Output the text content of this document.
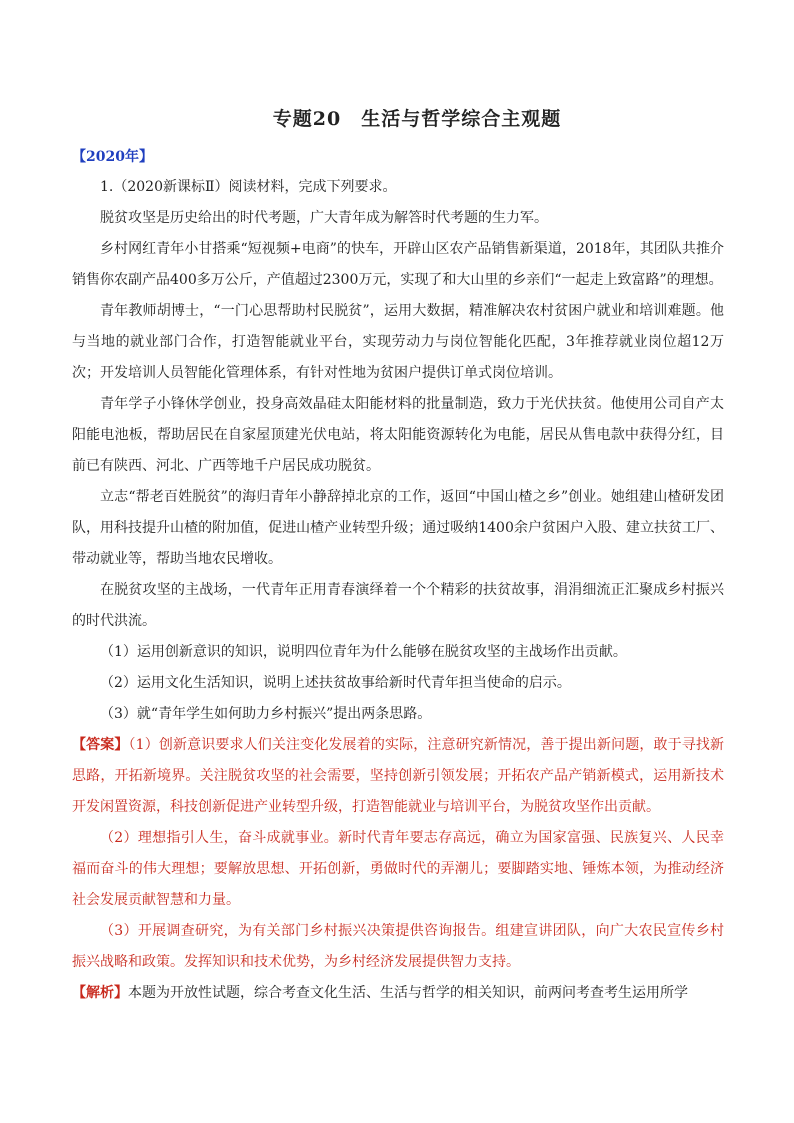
专题20　生活与哲学综合主观题
【2020年】

1.（2020新课标Ⅱ）阅读材料，完成下列要求。

脱贫攻坚是历史给出的时代考题，广大青年成为解答时代考题的生力军。

乡村网红青年小甘搭乘“短视频+电商”的快车，开辟山区农产品销售新渠道，2018年，其团队共推介销售你农副产品400多万公斤，产值超过2300万元，实现了和大山里的乡亲们“一起走上致富路”的理想。

青年教师胡博士，“一门心思帮助村民脱贫”，运用大数据，精准解决农村贫困户就业和培训难题。他与当地的就业部门合作，打造智能就业平台，实现劳动力与岗位智能化匹配，3年推荐就业岗位超12万次；开发培训人员智能化管理体系，有针对性地为贫困户提供订单式岗位培训。

青年学子小锋休学创业，投身高效晶硅太阳能材料的批量制造，致力于光伏扶贫。他使用公司自产太阳能电池板，帮助居民在自家屋顶建光伏电站，将太阳能资源转化为电能，居民从售电款中获得分红，目前已有陕西、河北、广西等地千户居民成功脱贫。

立志“帮老百姓脱贫”的海归青年小静辞掉北京的工作，返回“中国山楂之乡”创业。她组建山楂研发团队，用科技提升山楂的附加值，促进山楂产业转型升级；通过吸纳1400余户贫困户入股、建立扶贫工厂、带动就业等，帮助当地农民增收。

在脱贫攻坚的主战场，一代青年正用青春演绎着一个个精彩的扶贫故事，涓涓细流正汇聚成乡村振兴的时代洪流。

（1）运用创新意识的知识，说明四位青年为什么能够在脱贫攻坚的主战场作出贡献。

（2）运用文化生活知识，说明上述扶贫故事给新时代青年担当使命的启示。

（3）就“青年学生如何助力乡村振兴”提出两条思路。

【答案】（1）创新意识要求人们关注变化发展着的实际，注意研究新情况，善于提出新问题，敢于寻找新思路，开拓新境界。关注脱贫攻坚的社会需要，坚持创新引领发展；开拓农产品产销新模式，运用新技术开发闲置资源，科技创新促进产业转型升级，打造智能就业与培训平台，为脱贫攻坚作出贡献。

（2）理想指引人生，奋斗成就事业。新时代青年要志存高远，确立为国家富强、民族复兴、人民幸福而奋斗的伟大理想；要解放思想、开拓创新，勇做时代的弄潮儿；要脚踏实地、锤炼本领，为推动经济社会发展贡献智慧和力量。

（3）开展调查研究，为有关部门乡村振兴决策提供咨询报告。组建宣讲团队，向广大农民宣传乡村振兴战略和政策。发挥知识和技术优势，为乡村经济发展提供智力支持。

【解析】本题为开放性试题，综合考查文化生活、生活与哲学的相关知识，前两问考查考生运用所学
